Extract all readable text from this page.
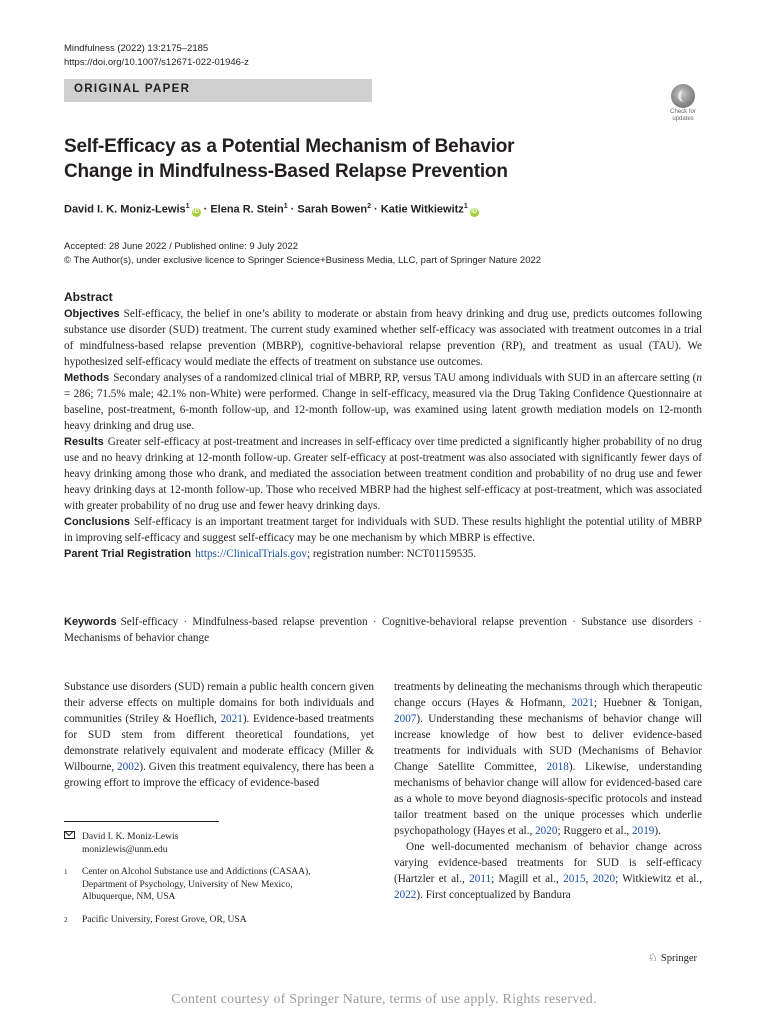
Mindfulness (2022) 13:2175–2185
https://doi.org/10.1007/s12671-022-01946-z
ORIGINAL PAPER
Check for
updates
Self-Efficacy as a Potential Mechanism of Behavior Change in Mindfulness-Based Relapse Prevention
David I. K. Moniz-Lewis$^1$iD · Elena R. Stein$^1$ · Sarah Bowen$^2$ · Katie Witkiewitz$^1$iD
Accepted: 28 June 2022 / Published online: 9 July 2022
© The Author(s), under exclusive licence to Springer Science+Business Media, LLC, part of Springer Nature 2022
Abstract

Objectives Self-efficacy, the belief in one’s ability to moderate or abstain from heavy drinking and drug use, predicts outcomes following substance use disorder (SUD) treatment. The current study examined whether self-efficacy was associated with treatment outcomes in a trial of mindfulness-based relapse prevention (MBRP), cognitive-behavioral relapse prevention (RP), and treatment as usual (TAU). We hypothesized self-efficacy would mediate the effects of treatment on substance use outcomes.

Methods Secondary analyses of a randomized clinical trial of MBRP, RP, versus TAU among individuals with SUD in an aftercare setting (n = 286; 71.5% male; 42.1% non-White) were performed. Change in self-efficacy, measured via the Drug Taking Confidence Questionnaire at baseline, post-treatment, 6-month follow-up, and 12-month follow-up, was examined using latent growth mediation models on 12-month heavy drinking and drug use.

Results Greater self-efficacy at post-treatment and increases in self-efficacy over time predicted a significantly higher probability of no drug use and no heavy drinking at 12-month follow-up. Greater self-efficacy at post-treatment was also associated with significantly fewer days of heavy drinking among those who drank, and mediated the association between treatment condition and probability of no drug use and fewer heavy drinking days at 12-month follow-up. Those who received MBRP had the highest self-efficacy at post-treatment, which was associated with greater probability of no drug use and fewer heavy drinking days.

Conclusions Self-efficacy is an important treatment target for individuals with SUD. These results highlight the potential utility of MBRP in improving self-efficacy and suggest self-efficacy may be one mechanism by which MBRP is effective.

Parent Trial Registration https://ClinicalTrials.gov; registration number: NCT01159535.

Keywords Self-efficacy · Mindfulness-based relapse prevention · Cognitive-behavioral relapse prevention · Substance use disorders · Mechanisms of behavior change

Substance use disorders (SUD) remain a public health concern given their adverse effects on multiple domains for both individuals and communities (Striley & Hoeflich, 2021). Evidence-based treatments for SUD stem from different theoretical foundations, yet demonstrate relatively equivalent and moderate efficacy (Miller & Wilbourne, 2002). Given this treatment equivalency, there has been a growing effort to improve the efficacy of evidence-based

treatments by delineating the mechanisms through which therapeutic change occurs (Hayes & Hofmann, 2021; Huebner & Tonigan, 2007). Understanding these mechanisms of behavior change will increase knowledge of how best to deliver evidence-based treatments for individuals with SUD (Mechanisms of Behavior Change Satellite Committee, 2018). Likewise, understanding mechanisms of behavior change will allow for evidenced-based care as a whole to move beyond diagnosis-specific protocols and instead tailor treatment based on the unique processes which underlie psychopathology (Hayes et al., 2020; Ruggero et al., 2019).

One well-documented mechanism of behavior change across varying evidence-based treatments for SUD is self-efficacy (Hartzler et al., 2011; Magill et al., 2015, 2020; Witkiewitz et al., 2022). First conceptualized by Bandura

David I. K. Moniz-Lewis
monizlewis@unm.edu
$^1$	Center on Alcohol Substance use and Addictions (CASAA),
Department of Psychology, University of New Mexico,
Albuquerque, NM, USA
$^2$	Pacific University, Forest Grove, OR, USA
♘ Springer
Content courtesy of Springer Nature, terms of use apply. Rights reserved.
